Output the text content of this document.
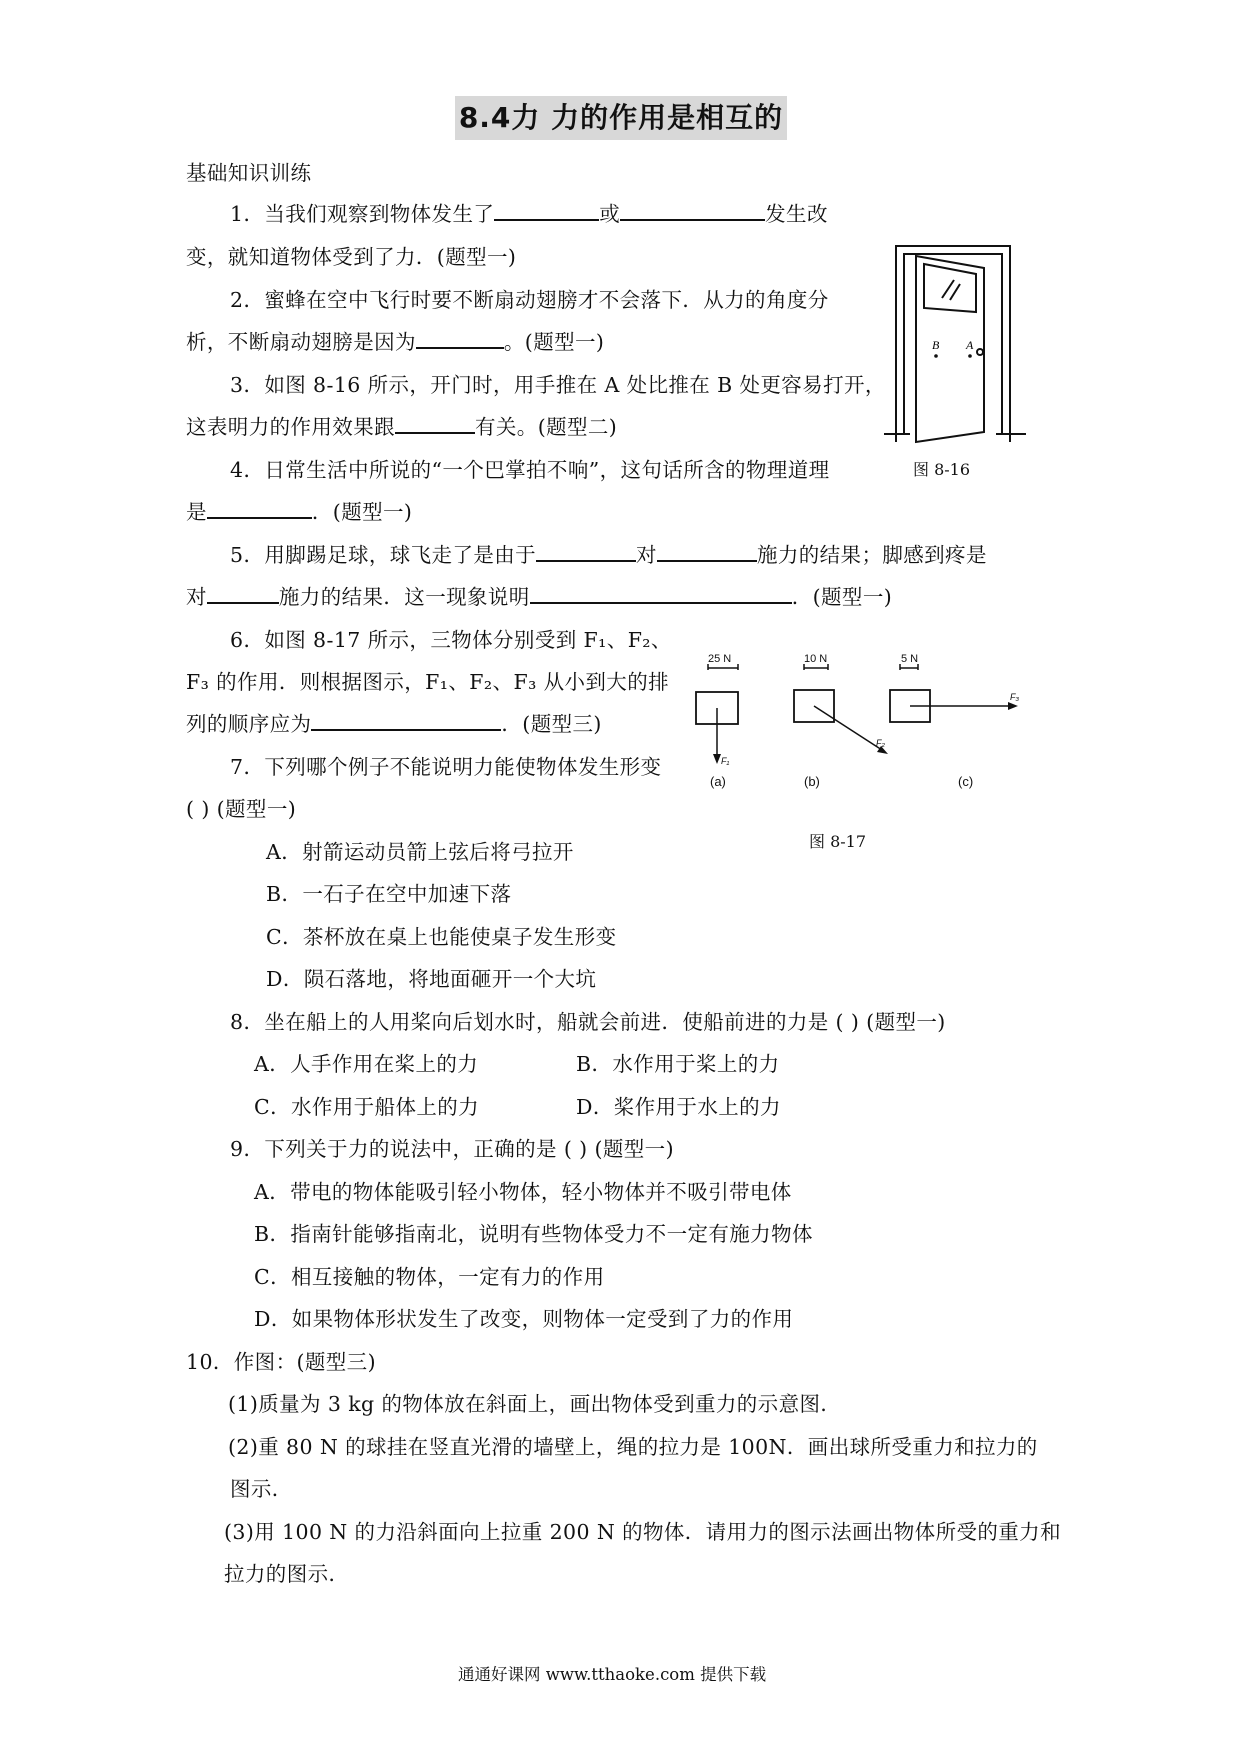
8.4力 力的作用是相互的
基础知识训练
1．当我们观察到物体发生了	或	发生改
变，就知道物体受到了力．(题型一)
2．蜜蜂在空中飞行时要不断扇动翅膀才不会落下．从力的角度分
析，不断扇动翅膀是因为	。(题型一)
3．如图 8-16 所示，开门时，用手推在 A 处比推在 B 处更容易打开，
这表明力的作用效果跟	有关。(题型二)
4．日常生活中所说的“一个巴掌拍不响”，这句话所含的物理道理
是	．(题型一)
5．用脚踢足球，球飞走了是由于	对	施力的结果；脚感到疼是
对	施力的结果．这一现象说明	．(题型一)
6．如图 8-17 所示，三物体分别受到 F₁、F₂、
F₃ 的作用．则根据图示，F₁、F₂、F₃ 从小到大的排
列的顺序应为	．(题型三)
7．下列哪个例子不能说明力能使物体发生形变
( ) (题型一)
A．射箭运动员箭上弦后将弓拉开
B．一石子在空中加速下落
C．茶杯放在桌上也能使桌子发生形变
D．陨石落地，将地面砸开一个大坑
8．坐在船上的人用桨向后划水时，船就会前进．使船前进的力是 ( ) (题型一)
A．人手作用在桨上的力	B．水作用于桨上的力
C．水作用于船体上的力	D．桨作用于水上的力
9．下列关于力的说法中，正确的是 ( ) (题型一)
A．带电的物体能吸引轻小物体，轻小物体并不吸引带电体
B．指南针能够指南北，说明有些物体受力不一定有施力物体
C．相互接触的物体，一定有力的作用
D．如果物体形状发生了改变，则物体一定受到了力的作用
10．作图：(题型三)
(1)质量为 3 kg 的物体放在斜面上，画出物体受到重力的示意图．
(2)重 80 N 的球挂在竖直光滑的墙壁上，绳的拉力是 100N．画出球所受重力和拉力的
图示．
(3)用 100 N 的力沿斜面向上拉重 200 N 的物体．请用力的图示法画出物体所受的重力和
拉力的图示．
B A
图 8-16
25 N
F₁
(a)
10 N
F₂
(b)
5 N
F₃
(c)
图 8-17
通通好课网 www.tthaoke.com 提供下载
